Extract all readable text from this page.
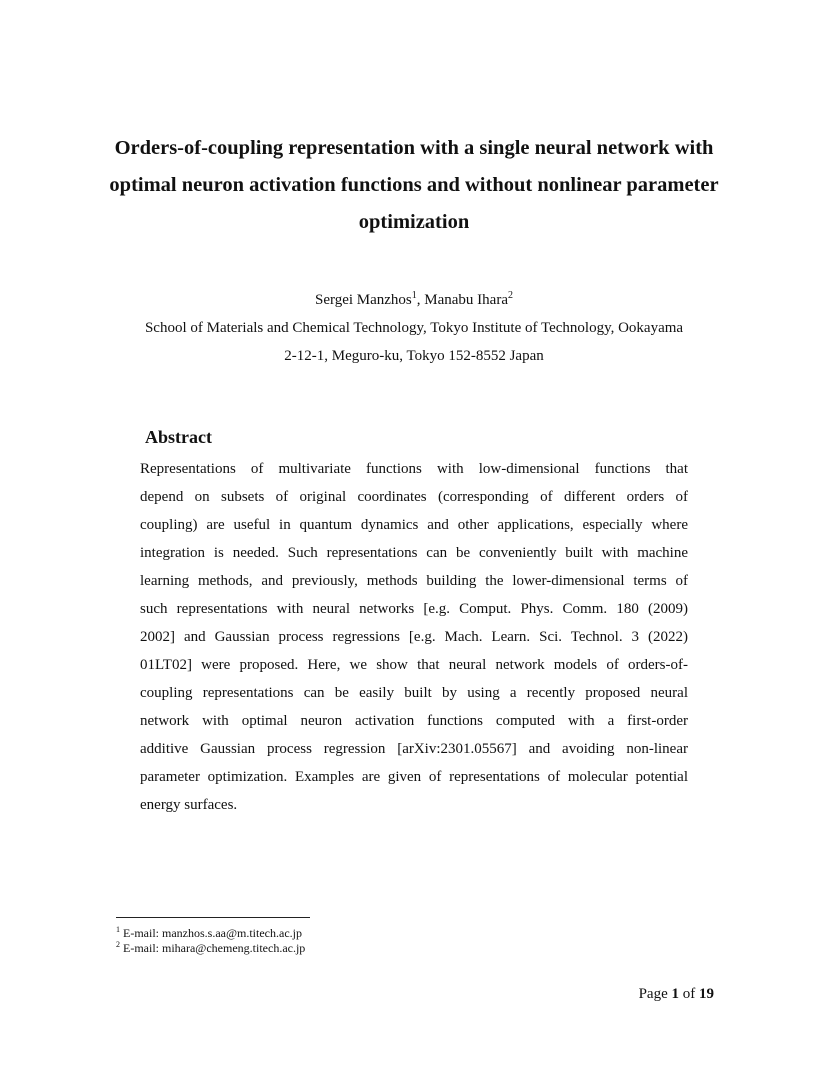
Orders-of-coupling representation with a single neural network with
optimal neuron activation functions and without nonlinear parameter
optimization
Sergei Manzhos$^1$, Manabu Ihara$^2$
School of Materials and Chemical Technology, Tokyo Institute of Technology, Ookayama
2-12-1, Meguro-ku, Tokyo 152-8552 Japan
Abstract
Representations of multivariate functions with low-dimensional functions that
depend on subsets of original coordinates (corresponding of different orders of
coupling) are useful in quantum dynamics and other applications, especially where
integration is needed. Such representations can be conveniently built with machine
learning methods, and previously, methods building the lower-dimensional terms of
such representations with neural networks [e.g. Comput. Phys. Comm. 180 (2009)
2002] and Gaussian process regressions [e.g. Mach. Learn. Sci. Technol. 3 (2022)
01LT02] were proposed. Here, we show that neural network models of orders-of-
coupling representations can be easily built by using a recently proposed neural
network with optimal neuron activation functions computed with a first-order
additive Gaussian process regression [arXiv:2301.05567] and avoiding non-linear
parameter optimization. Examples are given of representations of molecular potential
energy surfaces.
$^1$ E-mail: manzhos.s.aa@m.titech.ac.jp
$^2$ E-mail: mihara@chemeng.titech.ac.jp
Page 1 of 19
